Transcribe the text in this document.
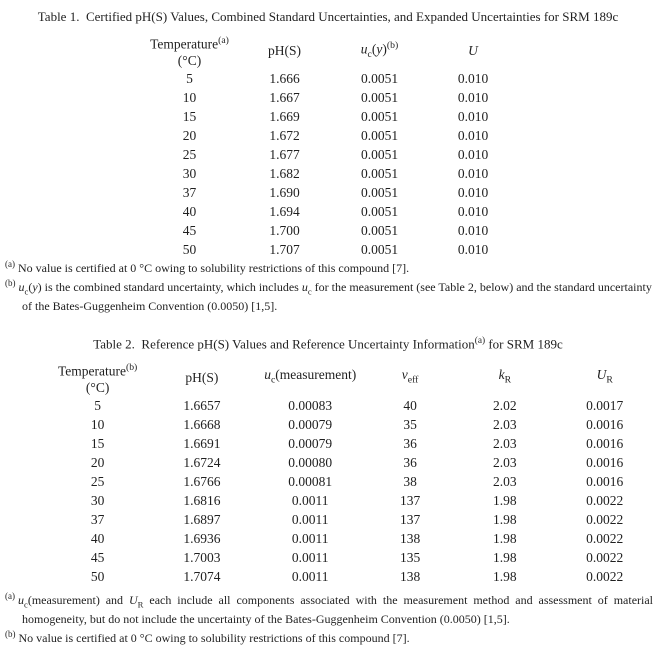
Table 1.  Certified pH(S) Values, Combined Standard Uncertainties, and Expanded Uncertainties for SRM 189c
Temperature$^{(a)}$
(°C)	pH(S)	$u_c(y)^{(b)}$	U
5	1.666	0.0051	0.010
10	1.667	0.0051	0.010
15	1.669	0.0051	0.010
20	1.672	0.0051	0.010
25	1.677	0.0051	0.010
30	1.682	0.0051	0.010
37	1.690	0.0051	0.010
40	1.694	0.0051	0.010
45	1.700	0.0051	0.010
50	1.707	0.0051	0.010
$^{(a)}$ No value is certified at 0 °C owing to solubility restrictions of this compound [7].
$^{(b)}$ $u_c(y)$ is the combined standard uncertainty, which includes $u_c$ for the measurement (see Table 2, below) and the standard uncertainty of the Bates-Guggenheim Convention (0.0050) [1,5].
Table 2.  Reference pH(S) Values and Reference Uncertainty Information$^{(a)}$ for SRM 189c
Temperature$^{(b)}$
(°C)	pH(S)	$u_c(measurement)$	$\nu_{eff}$	$k_R$	$U_R$
5	1.6657	0.00083	40	2.02	0.0017
10	1.6668	0.00079	35	2.03	0.0016
15	1.6691	0.00079	36	2.03	0.0016
20	1.6724	0.00080	36	2.03	0.0016
25	1.6766	0.00081	38	2.03	0.0016
30	1.6816	0.0011	137	1.98	0.0022
37	1.6897	0.0011	137	1.98	0.0022
40	1.6936	0.0011	138	1.98	0.0022
45	1.7003	0.0011	135	1.98	0.0022
50	1.7074	0.0011	138	1.98	0.0022
$^{(a)}$ $u_c(measurement)$ and $U_R$ each include all components associated with the measurement method and assessment of material homogeneity, but do not include the uncertainty of the Bates-Guggenheim Convention (0.0050) [1,5].
$^{(b)}$ No value is certified at 0 °C owing to solubility restrictions of this compound [7].
